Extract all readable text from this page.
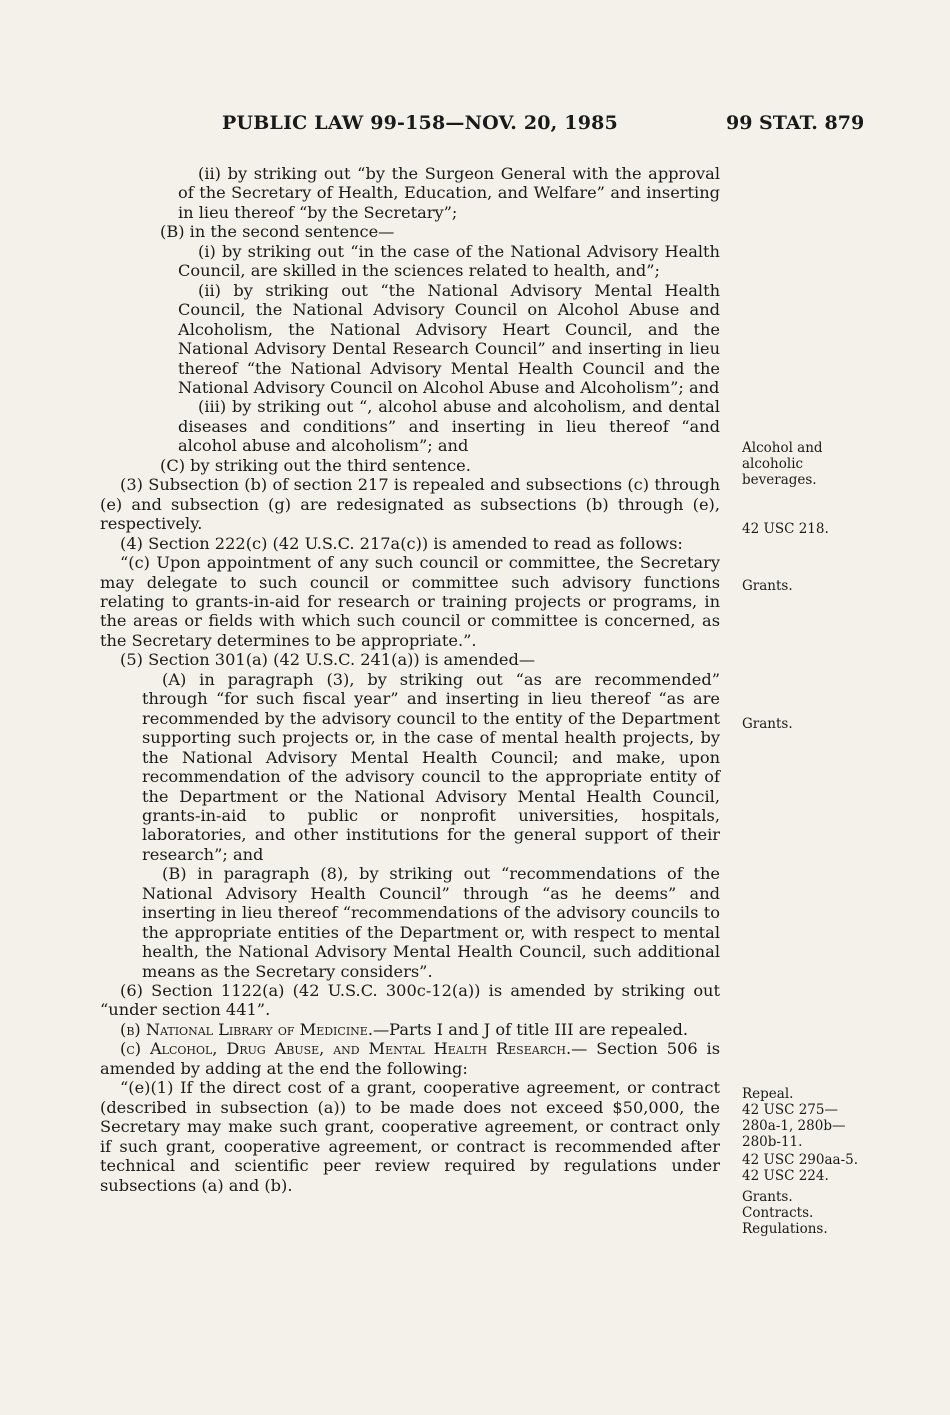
PUBLIC LAW 99-158—NOV. 20, 1985	99 STAT. 879

(ii) by striking out “by the Surgeon General with the approval of the Secretary of Health, Education, and Welfare” and inserting in lieu thereof “by the Secretary”;

(B) in the second sentence—

(i) by striking out “in the case of the National Advisory Health Council, are skilled in the sciences related to health, and”;

(ii) by striking out “the National Advisory Mental Health Council, the National Advisory Council on Alcohol Abuse and Alcoholism, the National Advisory Heart Council, and the National Advisory Dental Research Council” and inserting in lieu thereof “the National Advisory Mental Health Council and the National Advisory Council on Alcohol Abuse and Alcoholism”; and

(iii) by striking out “, alcohol abuse and alcoholism, and dental diseases and conditions” and inserting in lieu thereof “and alcohol abuse and alcoholism”; and

(C) by striking out the third sentence.

(3) Subsection (b) of section 217 is repealed and subsections (c) through (e) and subsection (g) are redesignated as subsections (b) through (e), respectively.

(4) Section 222(c) (42 U.S.C. 217a(c)) is amended to read as follows:

“(c) Upon appointment of any such council or committee, the Secretary may delegate to such council or committee such advisory functions relating to grants-in-aid for research or training projects or programs, in the areas or fields with which such council or committee is concerned, as the Secretary determines to be appropriate.”.

(5) Section 301(a) (42 U.S.C. 241(a)) is amended—

(A) in paragraph (3), by striking out “as are recommended” through “for such fiscal year” and inserting in lieu thereof “as are recommended by the advisory council to the entity of the Department supporting such projects or, in the case of mental health projects, by the National Advisory Mental Health Council; and make, upon recommendation of the advisory council to the appropriate entity of the Department or the National Advisory Mental Health Council, grants-in-aid to public or nonprofit universities, hospitals, laboratories, and other institutions for the general support of their research”; and

(B) in paragraph (8), by striking out “recommendations of the National Advisory Health Council” through “as he deems” and inserting in lieu thereof “recommendations of the advisory councils to the appropriate entities of the Department or, with respect to mental health, the National Advisory Mental Health Council, such additional means as the Secretary considers”.

(6) Section 1122(a) (42 U.S.C. 300c-12(a)) is amended by striking out “under section 441”.

(b) National Library of Medicine.—Parts I and J of title III are repealed.

(c) Alcohol, Drug Abuse, and Mental Health Research.— Section 506 is amended by adding at the end the following:

“(e)(1) If the direct cost of a grant, cooperative agreement, or contract (described in subsection (a)) to be made does not exceed $50,000, the Secretary may make such grant, cooperative agreement, or contract only if such grant, cooperative agreement, or contract is recommended after technical and scientific peer review required by regulations under subsections (a) and (b).

Alcohol and alcoholic beverages.
42 USC 218.
Grants.
Grants.
Repeal.
42 USC 275—280a-1, 280b—280b-11.
42 USC 290aa-5.
42 USC 224.
Grants.
Contracts.
Regulations.
